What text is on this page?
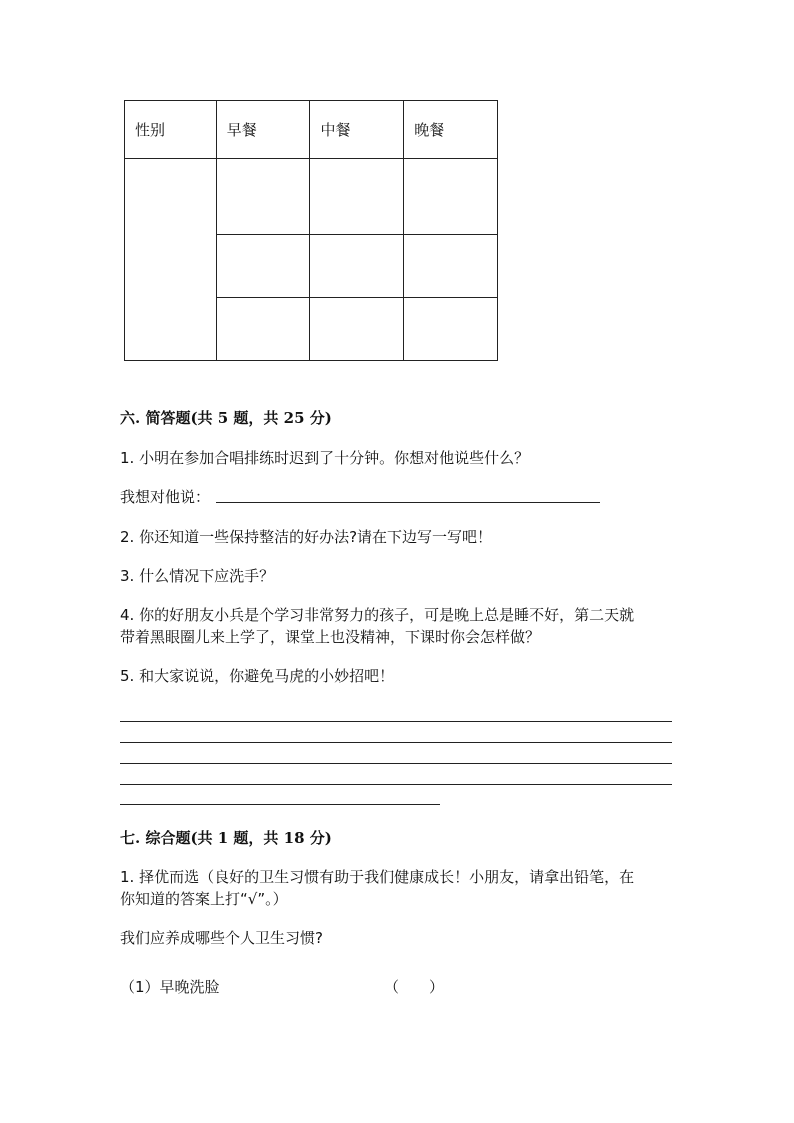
性别	早餐	中餐	晚餐

六. 简答题(共 5 题，共 25 分)
1. 小明在参加合唱排练时迟到了十分钟。你想对他说些什么？
我想对他说：
2. 你还知道一些保持整洁的好办法?请在下边写一写吧！
3. 什么情况下应洗手？
4. 你的好朋友小兵是个学习非常努力的孩子，可是晚上总是睡不好，第二天就
带着黑眼圈儿来上学了，课堂上也没精神，下课时你会怎样做？
5. 和大家说说，你避免马虎的小妙招吧！
七. 综合题(共 1 题，共 18 分)
1. 择优而选（良好的卫生习惯有助于我们健康成长！小朋友，请拿出铅笔，在
你知道的答案上打“√”。）
我们应养成哪些个人卫生习惯?
（1）早晚洗脸	（　　）
